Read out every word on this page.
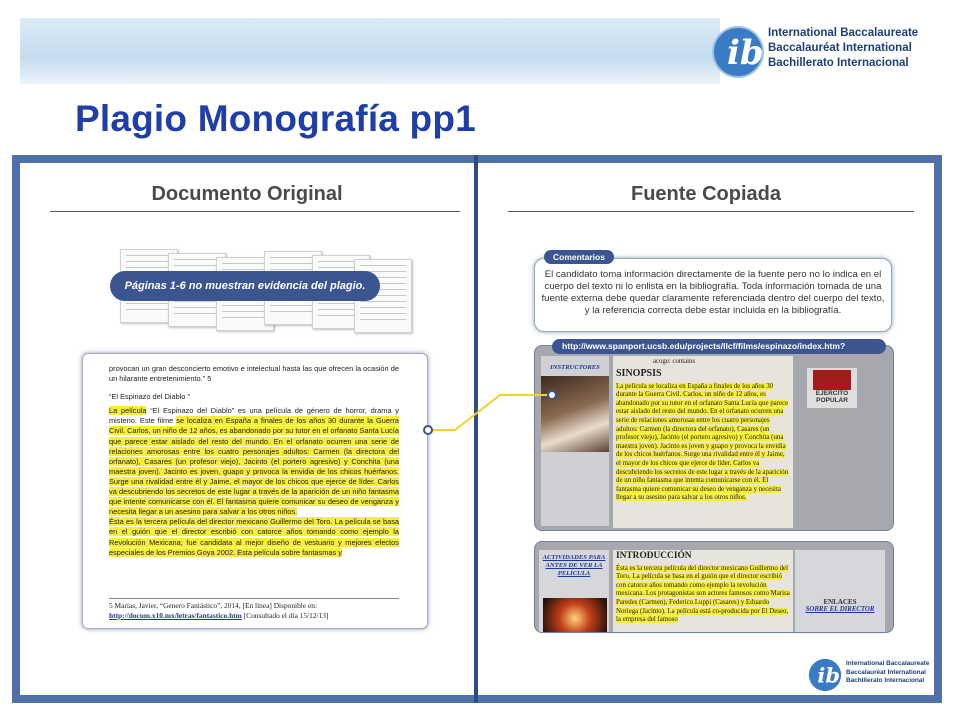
ib International Baccalaureate
Baccalauréat International
Bachillerato Internacional
Plagio Monografía pp1
Documento Original
Páginas 1-6 no muestran evidencia del plagio.

provocan un gran desconcierto emotivo e intelectual hasta las que ofrecen la ocasión de un hilarante entretenimiento.” 5

“El Espinazo del Diablo ”

La película “El Espinazo del Diablo” es una película de género de horror, drama y misterio. Este filme se localiza en España a finales de los años 30 durante la Guerra Civil. Carlos, un niño de 12 años, es abandonado por su tutor en el orfanato Santa Lucía que parece estar aislado del resto del mundo. En el orfanato ocurren una serie de relaciones amorosas entre los cuatro personajes adultos: Carmen (la directora del orfanato), Casares (un profesor viejo), Jacinto (el portero agresivo) y Conchita (una maestra joven). Jacinto es joven, guapo y provoca la envidia de los chicos huérfanos. Surge una rivalidad entre él y Jaime, el mayor de los chicos que ejerce de líder. Carlos va descubriendo los secretos de este lugar a través de la aparición de un niño fantasma que intente comunicarse con él. El fantasma quiere comunicar su deseo de venganza y necesita llegar a un asesino para salvar a los otros niños.

Ésta es la tercera película del director mexicano Guillermo del Toro. La película se basa en el guión que el director escribió con catorce años tomando como ejemplo la Revolución Mexicana; fue candidata al mejor diseño de vestuario y mejores efectos especiales de los Premios Goya 2002. Esta película sobre fantasmas y

5 Marías, Javier, “Genero Fantástico”, 2014, [En línea] Disponible en:
http://docum.x10.mx/letras/fantastico.htm [Consultado el día 15/12/13]
Fuente Copiada
El candidato toma información directamente de la fuente pero no lo indica en el cuerpo del texto ni lo enlista en la bibliografía. Toda información tomada de una fuente externa debe quedar claramente referenciada dentro del cuerpo del texto, y la referencia correcta debe estar incluida en la bibliografía.
Comentarios
INSTRUCTORES
acoge: contains
SINOPSIS
La película se localiza en España a finales de los años 30 durante la Guerra Civil. Carlos, un niño de 12 años, es abandonado por su tutor en el orfanato Santa Lucía que parece estar aislado del resto del mundo. En el orfanato ocurren una serie de relaciones amorosas entre los cuatro personajes adultos: Carmen (la directora del orfanato), Casares (un profesor viejo), Jacinto (el portero agresivo) y Conchita (una maestra joven). Jacinto es joven y guapo y provoca la envidia de los chicos huérfanos. Surge una rivalidad entre él y Jaime, el mayor de los chicos que ejerce de líder. Carlos va descubriendo los secretos de este lugar a través de la aparición de un niño fantasma que intenta comunicarse con él. El fantasma quiere comunicar su deseo de venganza y necesita llegar a su asesino para salvar a los otros niños.
EJERCITO POPULAR
http://www.spanport.ucsb.edu/projects/llcf/films/espinazo/index.htm?
ACTIVIDADES PARA ANTES DE VER LA PELÍCULA
INTRODUCCIÓN
Ésta es la tercera película del director mexicano Guillermo del Toro. La película se basa en el guión que el director escribió con catorce años tomando como ejemplo la revolución mexicana. Los protagonistas son actores famosos como Marisa Paredes (Carmen), Federico Luppi (Casares) y Eduardo Noriega (Jacinto). La película está co-producida por El Deseo, la empresa del famoso
ENLACES
SOBRE EL DIRECTOR
ib International Baccalaureate
Baccalauréat International
Bachillerato Internacional
